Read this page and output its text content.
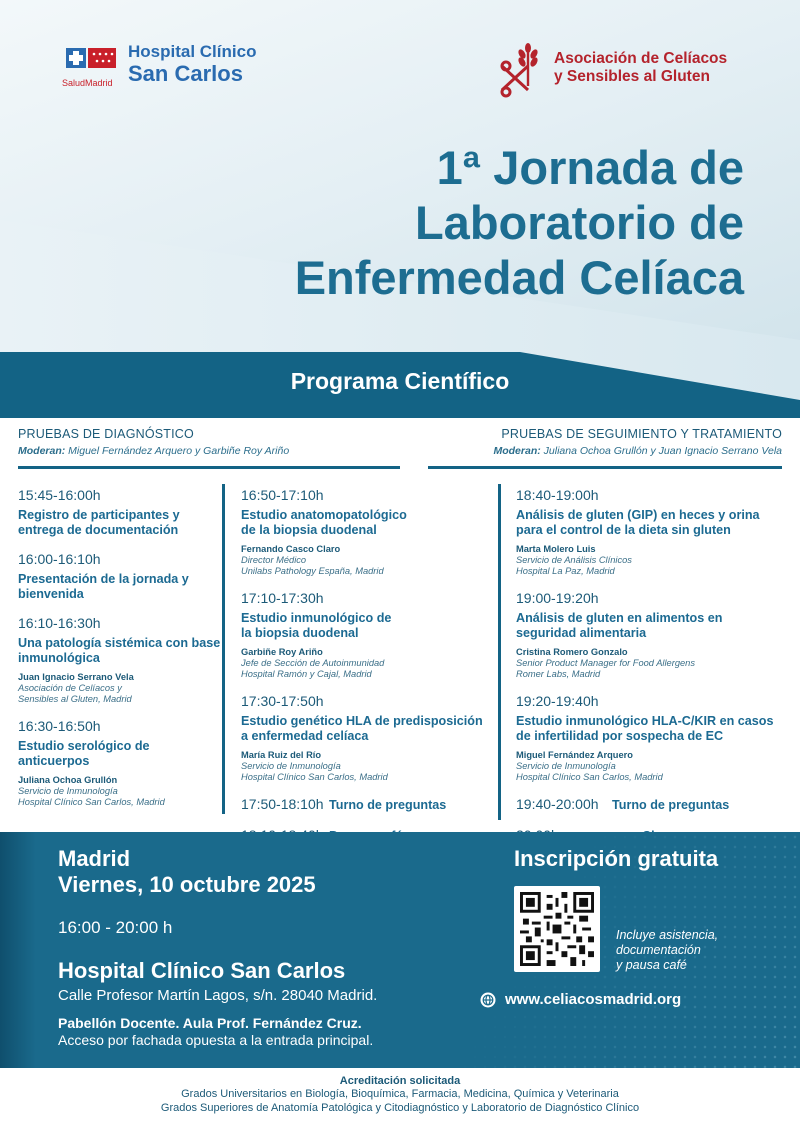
SaludMadrid
Hospital Clínico
San Carlos
Asociación de Celíacos
y Sensibles al Gluten
1ª Jornada de
Laboratorio de
Enfermedad Celíaca
Programa Científico
PRUEBAS DE DIAGNÓSTICO
Moderan: Miguel Fernández Arquero y Garbiñe Roy Ariño
PRUEBAS DE SEGUIMIENTO Y TRATAMIENTO
Moderan: Juliana Ochoa Grullón y Juan Ignacio Serrano Vela
15:45-16:00h
Registro de participantes y entrega de documentación
16:00-16:10h
Presentación de la jornada y bienvenida
16:10-16:30h
Una patología sistémica con base inmunológica
Juan Ignacio Serrano Vela
Asociación de Celíacos y
Sensibles al Gluten, Madrid
16:30-16:50h
Estudio serológico de anticuerpos
Juliana Ochoa Grullón
Servicio de Inmunología
Hospital Clínico San Carlos, Madrid
16:50-17:10h
Estudio anatomopatológico de la biopsia duodenal
Fernando Casco Claro
Director Médico
Unilabs Pathology España, Madrid
17:10-17:30h
Estudio inmunológico de la biopsia duodenal
Garbiñe Roy Ariño
Jefe de Sección de Autoinmunidad
Hospital Ramón y Cajal, Madrid
17:30-17:50h
Estudio genético HLA de predisposición a enfermedad celíaca
María Ruiz del Río
Servicio de Inmunología
Hospital Clínico San Carlos, Madrid
17:50-18:10h Turno de preguntas
18:40-19:00h
Análisis de gluten (GIP) en heces y orina para el control de la dieta sin gluten
Marta Molero Luis
Servicio de Análisis Clínicos
Hospital La Paz, Madrid
19:00-19:20h
Análisis de gluten en alimentos en seguridad alimentaria
Cristina Romero Gonzalo
Senior Product Manager for Food Allergens
Romer Labs, Madrid
19:20-19:40h
Estudio inmunológico HLA-C/KIR en casos de infertilidad por sospecha de EC
Miguel Fernández Arquero
Servicio de Inmunología
Hospital Clínico San Carlos, Madrid
19:40-20:00h Turno de preguntas
Madrid
Viernes, 10 octubre 2025
16:00 - 20:00 h
Hospital Clínico San Carlos
Calle Profesor Martín Lagos, s/n. 28040 Madrid.
Pabellón Docente. Aula Prof. Fernández Cruz.
Acceso por fachada opuesta a la entrada principal.
Inscripción gratuita
Incluye asistencia,
documentación
y pausa café
www.celiacosmadrid.org
Acreditación solicitada
Grados Universitarios en Biología, Bioquímica, Farmacia, Medicina, Química y Veterinaria
Grados Superiores de Anatomía Patológica y Citodiagnóstico y Laboratorio de Diagnóstico Clínico
